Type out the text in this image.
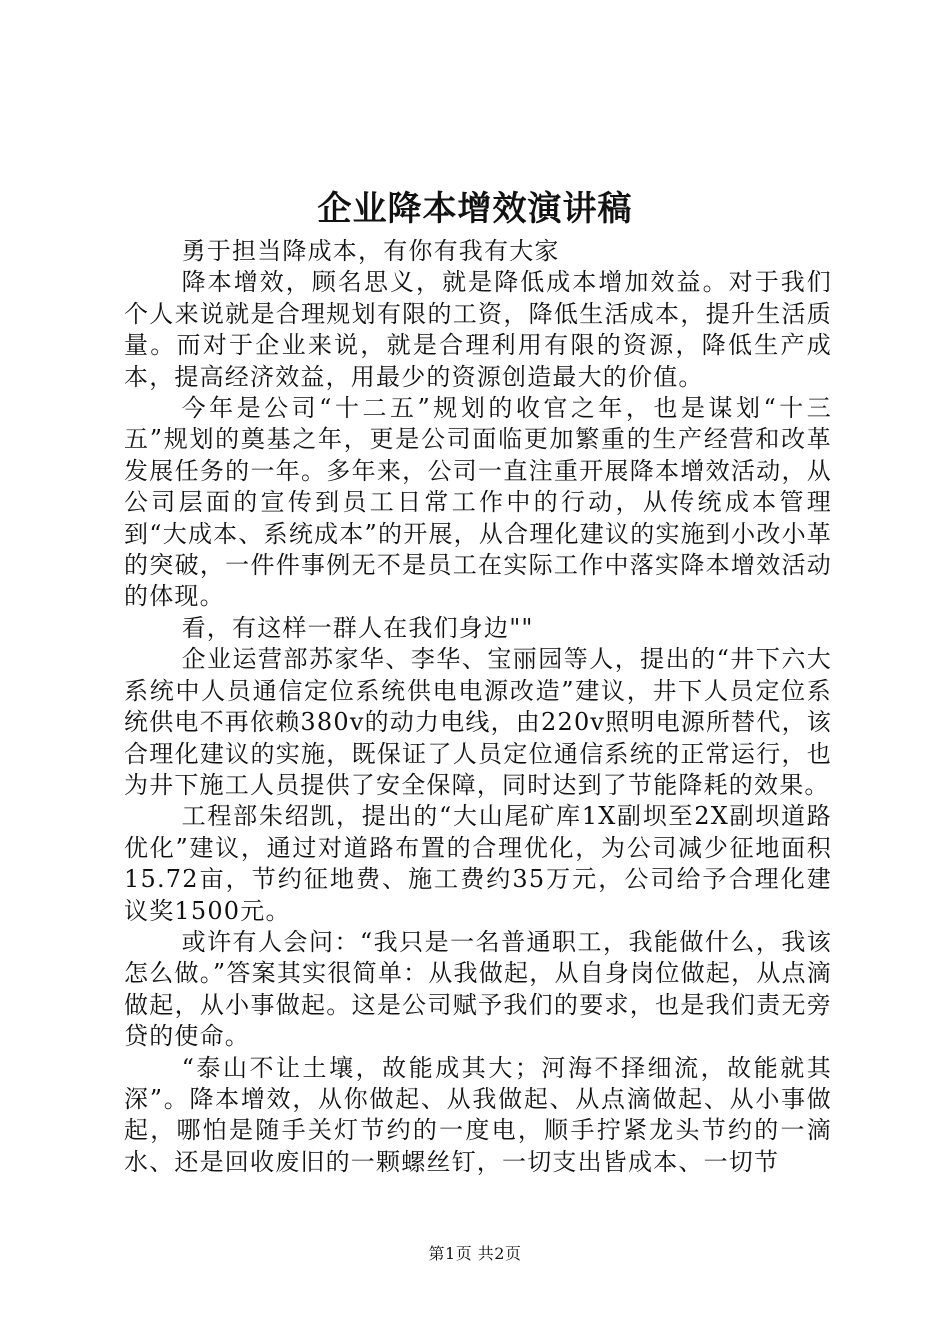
企业降本增效演讲稿

勇于担当降成本，有你有我有大家

降本增效，顾名思义，就是降低成本增加效益。对于我们个人来说就是合理规划有限的工资，降低生活成本，提升生活质量。而对于企业来说，就是合理利用有限的资源，降低生产成本，提高经济效益，用最少的资源创造最大的价值。

今年是公司“十二五”规划的收官之年，也是谋划“十三五”规划的奠基之年，更是公司面临更加繁重的生产经营和改革发展任务的一年。多年来，公司一直注重开展降本增效活动，从公司层面的宣传到员工日常工作中的行动，从传统成本管理到“大成本、系统成本”的开展，从合理化建议的实施到小改小革的突破，一件件事例无不是员工在实际工作中落实降本增效活动的体现。

看，有这样一群人在我们身边""

企业运营部苏家华、李华、宝丽园等人，提出的“井下六大系统中人员通信定位系统供电电源改造”建议，井下人员定位系统供电不再依赖380v的动力电线，由220v照明电源所替代，该合理化建议的实施，既保证了人员定位通信系统的正常运行，也为井下施工人员提供了安全保障，同时达到了节能降耗的效果。

工程部朱绍凯，提出的“大山尾矿库1X副坝至2X副坝道路优化”建议，通过对道路布置的合理优化，为公司减少征地面积15.72亩，节约征地费、施工费约35万元，公司给予合理化建议奖1500元。

或许有人会问：“我只是一名普通职工，我能做什么，我该怎么做。”答案其实很简单：从我做起，从自身岗位做起，从点滴做起，从小事做起。这是公司赋予我们的要求，也是我们责无旁贷的使命。

“泰山不让土壤，故能成其大；河海不择细流，故能就其深”。降本增效，从你做起、从我做起、从点滴做起、从小事做起，哪怕是随手关灯节约的一度电，顺手拧紧龙头节约的一滴水、还是回收废旧的一颗螺丝钉，一切支出皆成本、一切节

第1页 共2页
